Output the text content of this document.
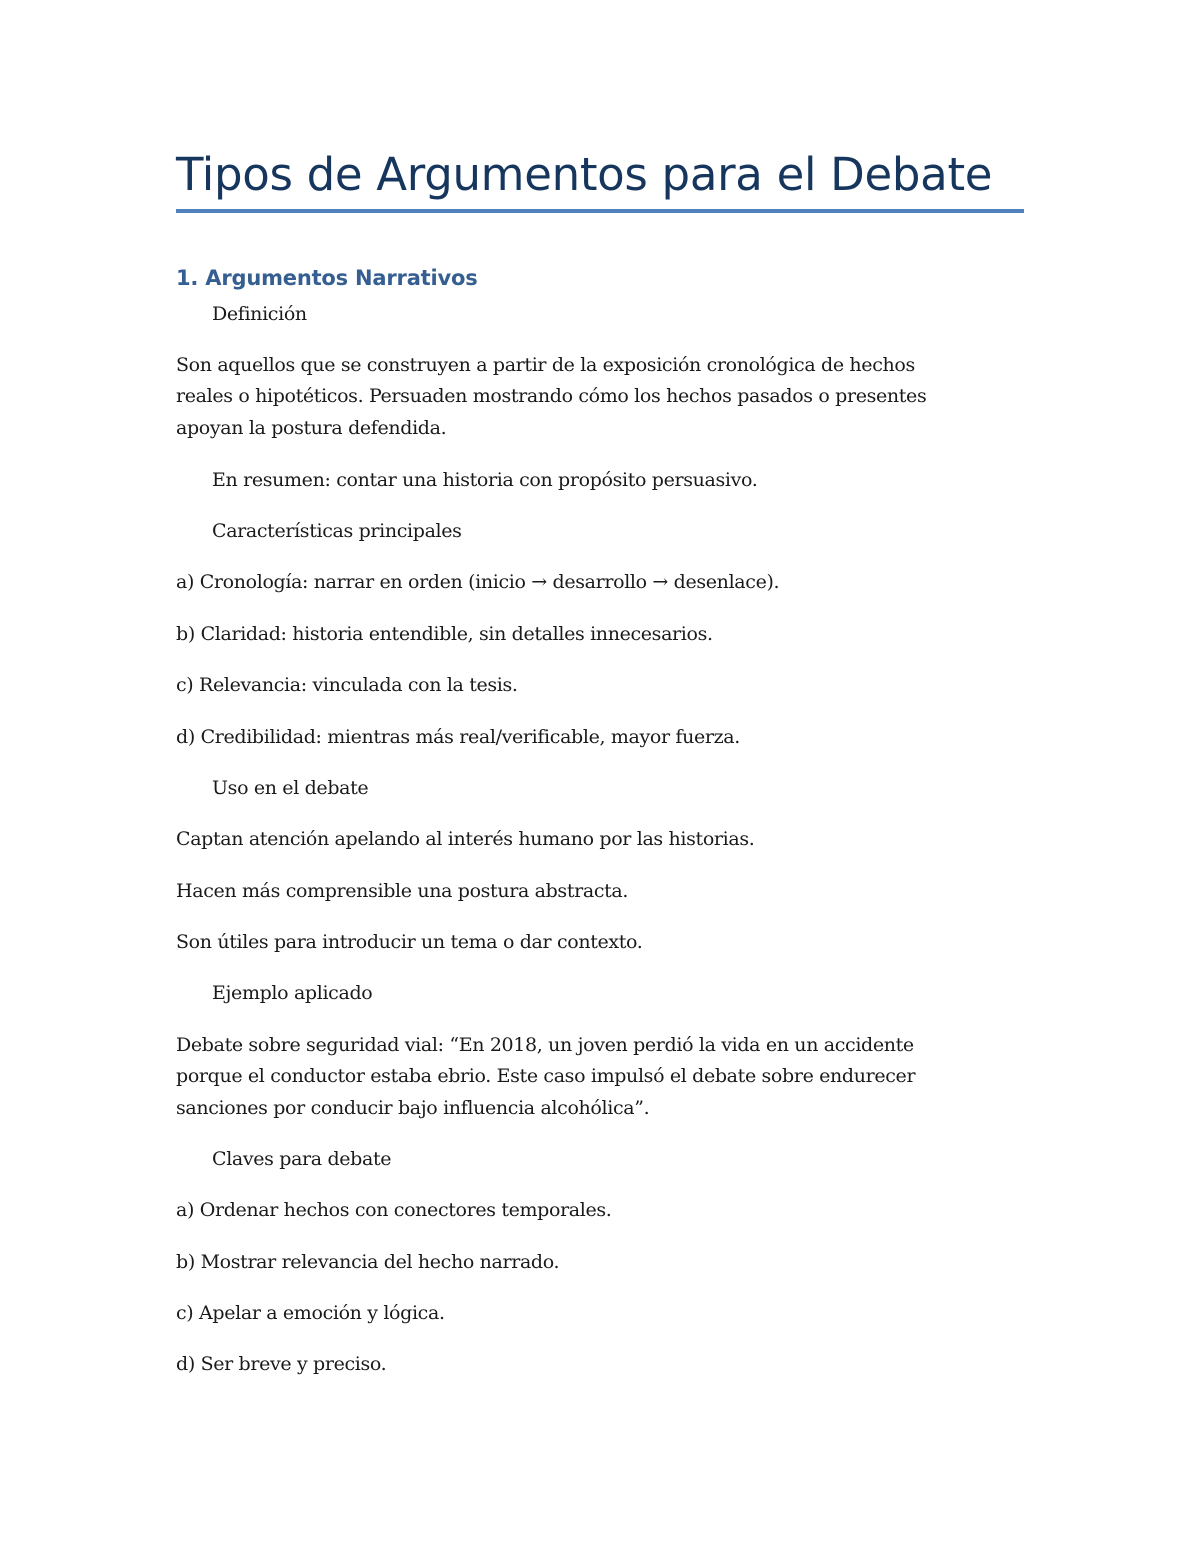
Tipos de Argumentos para el Debate
1. Argumentos Narrativos

Definición

Son aquellos que se construyen a partir de la exposición cronológica de hechos

reales o hipotéticos. Persuaden mostrando cómo los hechos pasados o presentes

apoyan la postura defendida.

En resumen: contar una historia con propósito persuasivo.

Características principales

a) Cronología: narrar en orden (inicio → desarrollo → desenlace).

b) Claridad: historia entendible, sin detalles innecesarios.

c) Relevancia: vinculada con la tesis.

d) Credibilidad: mientras más real/verificable, mayor fuerza.

Uso en el debate

Captan atención apelando al interés humano por las historias.

Hacen más comprensible una postura abstracta.

Son útiles para introducir un tema o dar contexto.

Ejemplo aplicado

Debate sobre seguridad vial: “En 2018, un joven perdió la vida en un accidente

porque el conductor estaba ebrio. Este caso impulsó el debate sobre endurecer

sanciones por conducir bajo influencia alcohólica”.

Claves para debate

a) Ordenar hechos con conectores temporales.

b) Mostrar relevancia del hecho narrado.

c) Apelar a emoción y lógica.

d) Ser breve y preciso.
